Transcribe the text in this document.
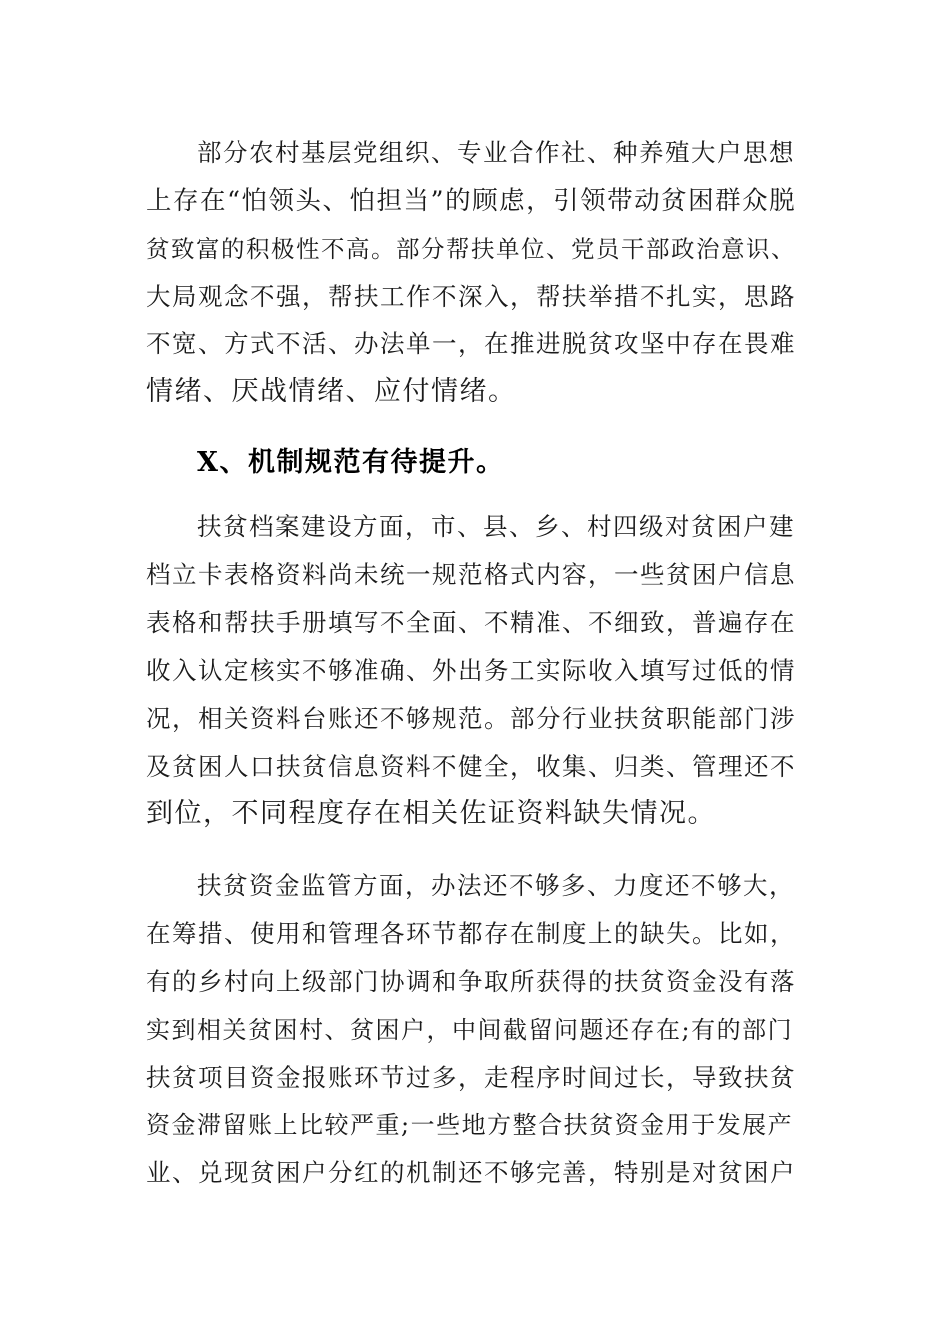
部分农村基层党组织、专业合作社、种养殖大户思想
上存在“怕领头、怕担当”的顾虑，引领带动贫困群众脱
贫致富的积极性不高。部分帮扶单位、党员干部政治意识、
大局观念不强，帮扶工作不深入，帮扶举措不扎实，思路
不宽、方式不活、办法单一，在推进脱贫攻坚中存在畏难
情绪、厌战情绪、应付情绪。
X、机制规范有待提升。
扶贫档案建设方面，市、县、乡、村四级对贫困户建
档立卡表格资料尚未统一规范格式内容，一些贫困户信息
表格和帮扶手册填写不全面、不精准、不细致，普遍存在
收入认定核实不够准确、外出务工实际收入填写过低的情
况，相关资料台账还不够规范。部分行业扶贫职能部门涉
及贫困人口扶贫信息资料不健全，收集、归类、管理还不
到位，不同程度存在相关佐证资料缺失情况。
扶贫资金监管方面，办法还不够多、力度还不够大，
在筹措、使用和管理各环节都存在制度上的缺失。比如，
有的乡村向上级部门协调和争取所获得的扶贫资金没有落
实到相关贫困村、贫困户，中间截留问题还存在;有的部门
扶贫项目资金报账环节过多，走程序时间过长，导致扶贫
资金滞留账上比较严重;一些地方整合扶贫资金用于发展产
业、兑现贫困户分红的机制还不够完善，特别是对贫困户
